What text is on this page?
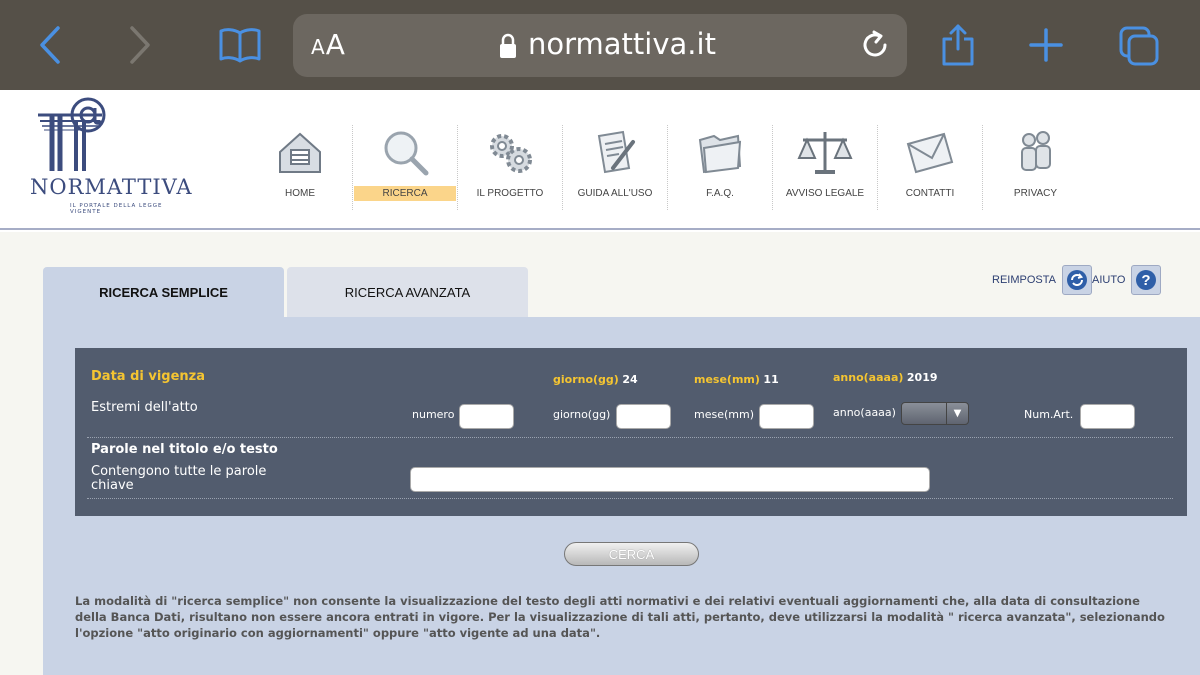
AA	normattiva.it
NORMATTIVA
IL PORTALE DELLA LEGGE VIGENTE
HOME	RICERCA	IL PROGETTO	GUIDA ALL'USO	F.A.Q.	AVVISO LEGALE	CONTATTI	PRIVACY
RICERCA SEMPLICE	RICERCA AVANZATA
REIMPOSTA	AIUTO ?
Data di vigenza	giorno(gg) 24	mese(mm) 11	anno(aaaa) 2019
Estremi dell'atto	numero	giorno(gg)	mese(mm)	anno(aaaa)	▼	Num.Art.
Parole nel titolo e/o testo
Contengono tutte le parole
chiave
CERCA
La modalità di "ricerca semplice" non consente la visualizzazione del testo degli atti normativi e dei relativi eventuali aggiornamenti che, alla data di consultazione della Banca Dati, risultano non essere ancora entrati in vigore. Per la visualizzazione di tali atti, pertanto, deve utilizzarsi la modalità " ricerca avanzata", selezionando l'opzione "atto originario con aggiornamenti" oppure "atto vigente ad una data".
